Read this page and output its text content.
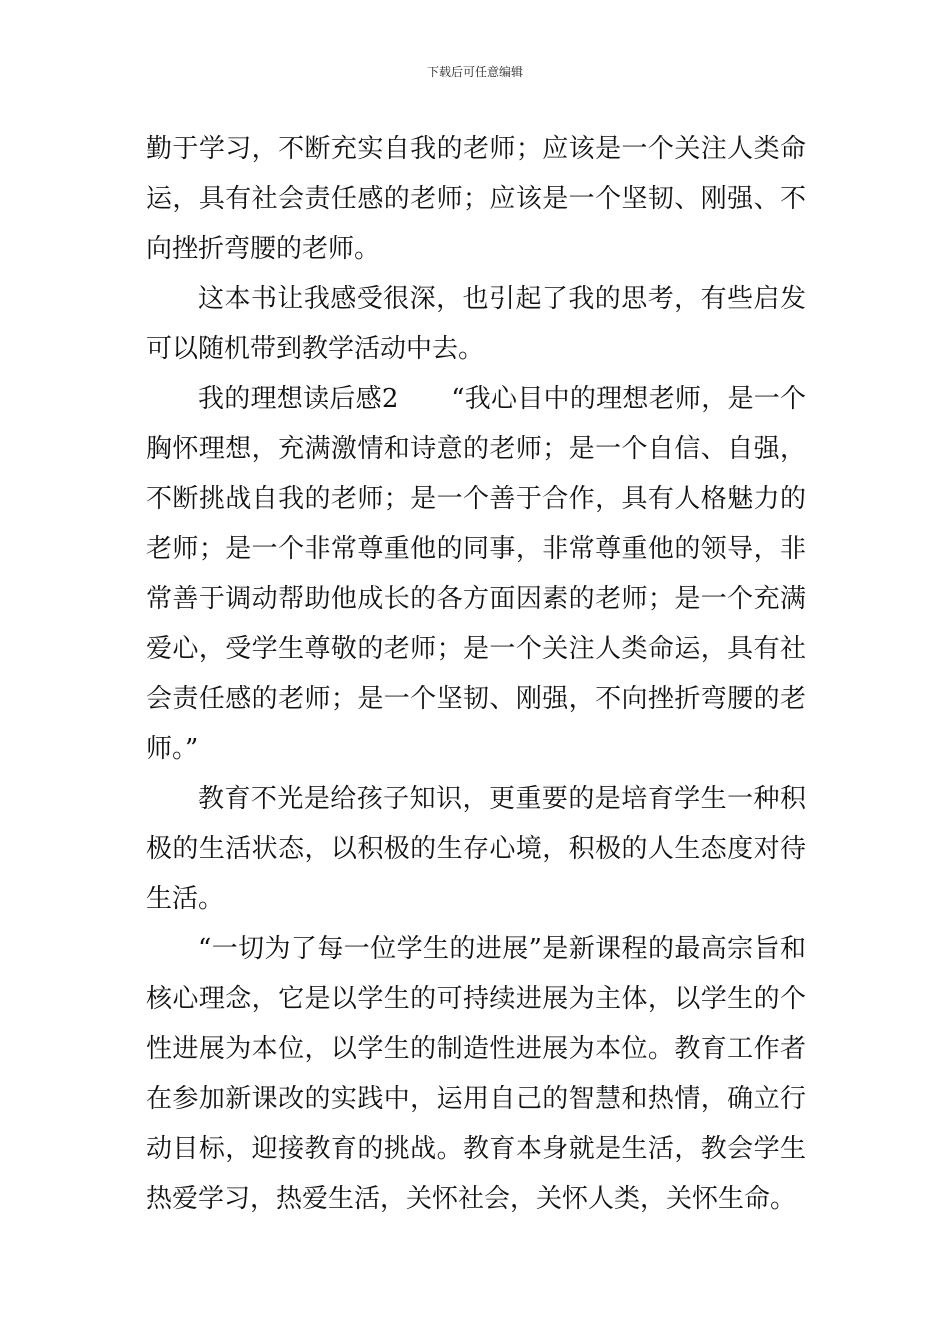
下载后可任意编辑

勤于学习，不断充实自我的老师；应该是一个关注人类命运，具有社会责任感的老师；应该是一个坚韧、刚强、不向挫折弯腰的老师。

这本书让我感受很深，也引起了我的思考，有些启发可以随机带到教学活动中去。

我的理想读后感2　　“我心目中的理想老师，是一个胸怀理想，充满激情和诗意的老师；是一个自信、自强，不断挑战自我的老师；是一个善于合作，具有人格魅力的老师；是一个非常尊重他的同事，非常尊重他的领导，非常善于调动帮助他成长的各方面因素的老师；是一个充满爱心，受学生尊敬的老师；是一个关注人类命运，具有社会责任感的老师；是一个坚韧、刚强，不向挫折弯腰的老师。”

教育不光是给孩子知识，更重要的是培育学生一种积极的生活状态，以积极的生存心境，积极的人生态度对待生活。

“一切为了每一位学生的进展”是新课程的最高宗旨和核心理念，它是以学生的可持续进展为主体，以学生的个性进展为本位，以学生的制造性进展为本位。教育工作者在参加新课改的实践中，运用自己的智慧和热情，确立行动目标，迎接教育的挑战。教育本身就是生活，教会学生热爱学习，热爱生活，关怀社会，关怀人类，关怀生命。
